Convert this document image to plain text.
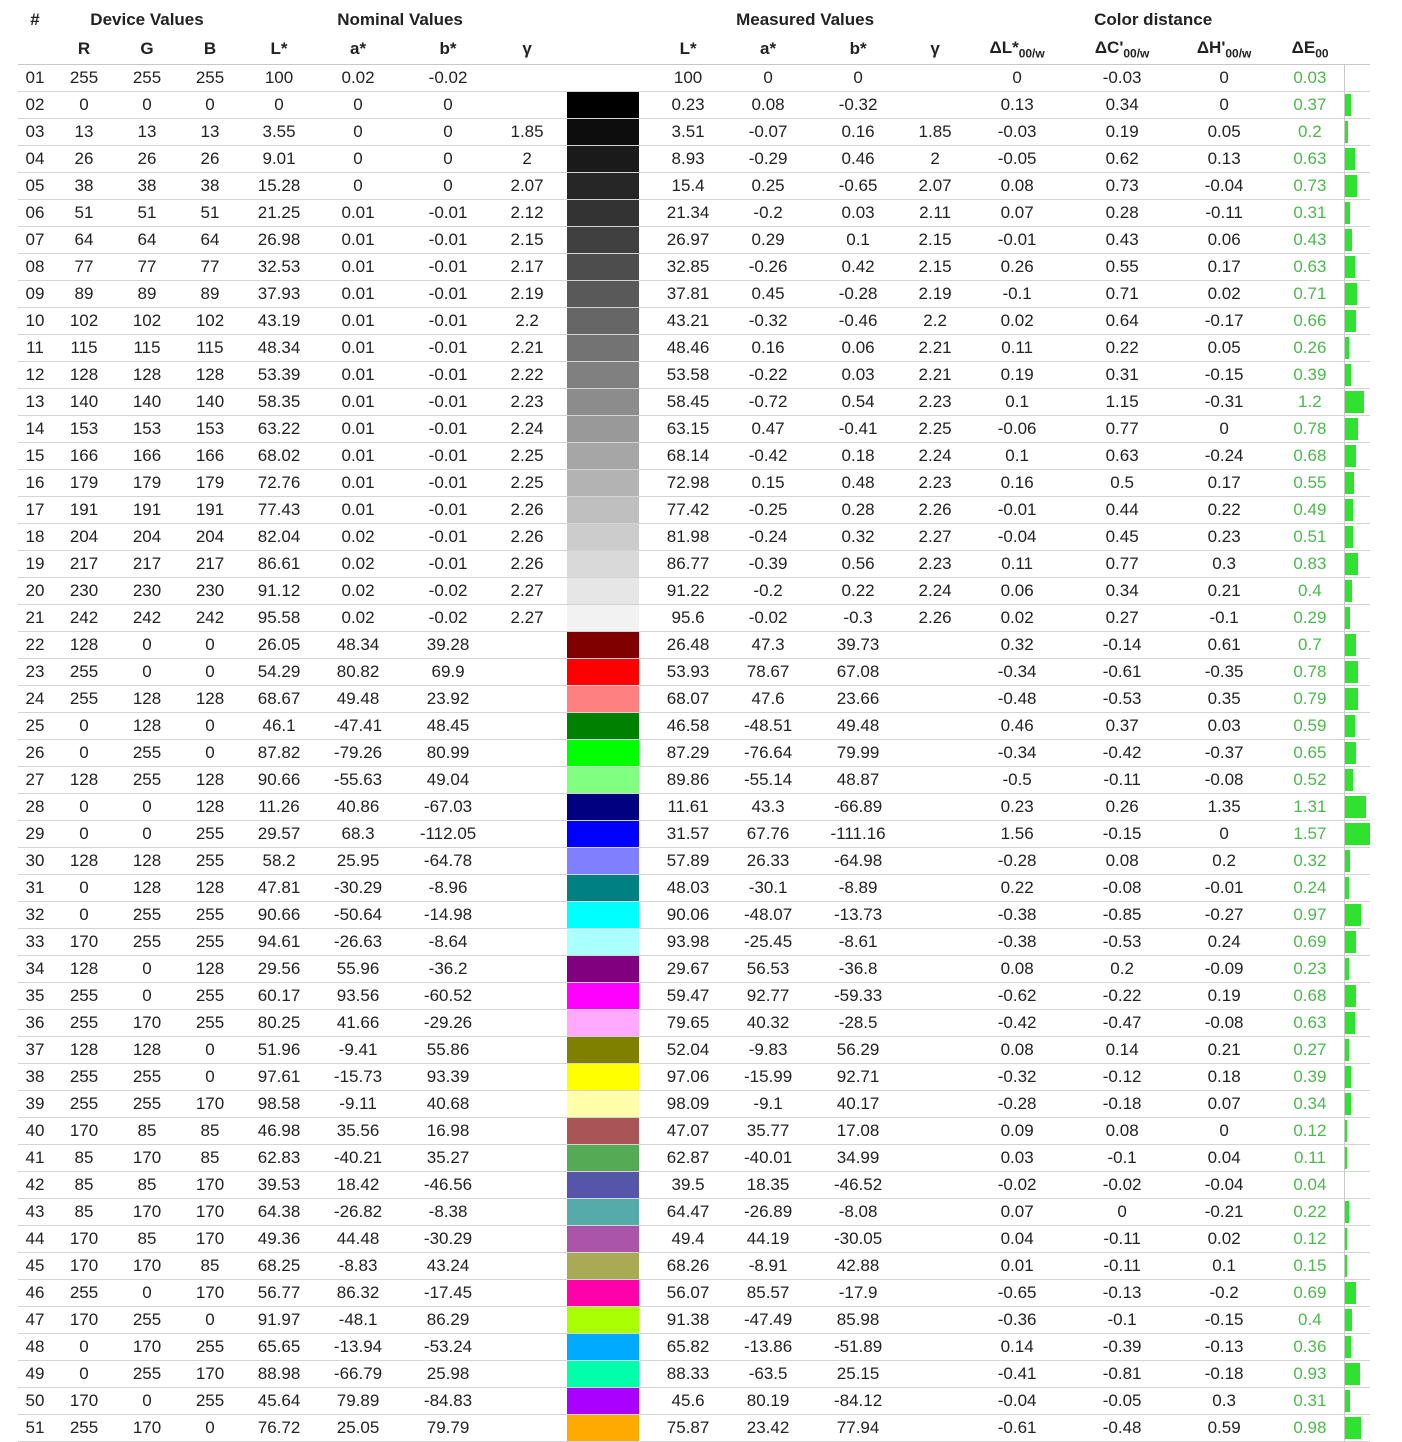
#	Device Values			Nominal Values					Measured Values				Color distance				
	R	G	B	L*	a*	b*	γ		L*	a*	b*	γ	$\Delta L*_{00/w}$	$\Delta C'_{00/w}$	$\Delta H'_{00/w}$	$\Delta E_{00}$	
01	255	255	255	100	0.02	-0.02			100	0	0		0	-0.03	0	0.03	

02	0	0	0	0	0	0			0.23	0.08	-0.32		0.13	0.34	0	0.37	

03	13	13	13	3.55	0	0	1.85		3.51	-0.07	0.16	1.85	-0.03	0.19	0.05	0.2	

04	26	26	26	9.01	0	0	2		8.93	-0.29	0.46	2	-0.05	0.62	0.13	0.63	

05	38	38	38	15.28	0	0	2.07		15.4	0.25	-0.65	2.07	0.08	0.73	-0.04	0.73	

06	51	51	51	21.25	0.01	-0.01	2.12		21.34	-0.2	0.03	2.11	0.07	0.28	-0.11	0.31	

07	64	64	64	26.98	0.01	-0.01	2.15		26.97	0.29	0.1	2.15	-0.01	0.43	0.06	0.43	

08	77	77	77	32.53	0.01	-0.01	2.17		32.85	-0.26	0.42	2.15	0.26	0.55	0.17	0.63	

09	89	89	89	37.93	0.01	-0.01	2.19		37.81	0.45	-0.28	2.19	-0.1	0.71	0.02	0.71	

10	102	102	102	43.19	0.01	-0.01	2.2		43.21	-0.32	-0.46	2.2	0.02	0.64	-0.17	0.66	

11	115	115	115	48.34	0.01	-0.01	2.21		48.46	0.16	0.06	2.21	0.11	0.22	0.05	0.26	

12	128	128	128	53.39	0.01	-0.01	2.22		53.58	-0.22	0.03	2.21	0.19	0.31	-0.15	0.39	

13	140	140	140	58.35	0.01	-0.01	2.23		58.45	-0.72	0.54	2.23	0.1	1.15	-0.31	1.2	

14	153	153	153	63.22	0.01	-0.01	2.24		63.15	0.47	-0.41	2.25	-0.06	0.77	0	0.78	

15	166	166	166	68.02	0.01	-0.01	2.25		68.14	-0.42	0.18	2.24	0.1	0.63	-0.24	0.68	

16	179	179	179	72.76	0.01	-0.01	2.25		72.98	0.15	0.48	2.23	0.16	0.5	0.17	0.55	

17	191	191	191	77.43	0.01	-0.01	2.26		77.42	-0.25	0.28	2.26	-0.01	0.44	0.22	0.49	

18	204	204	204	82.04	0.02	-0.01	2.26		81.98	-0.24	0.32	2.27	-0.04	0.45	0.23	0.51	

19	217	217	217	86.61	0.02	-0.01	2.26		86.77	-0.39	0.56	2.23	0.11	0.77	0.3	0.83	

20	230	230	230	91.12	0.02	-0.02	2.27		91.22	-0.2	0.22	2.24	0.06	0.34	0.21	0.4	

21	242	242	242	95.58	0.02	-0.02	2.27		95.6	-0.02	-0.3	2.26	0.02	0.27	-0.1	0.29	

22	128	0	0	26.05	48.34	39.28			26.48	47.3	39.73		0.32	-0.14	0.61	0.7	

23	255	0	0	54.29	80.82	69.9			53.93	78.67	67.08		-0.34	-0.61	-0.35	0.78	

24	255	128	128	68.67	49.48	23.92			68.07	47.6	23.66		-0.48	-0.53	0.35	0.79	

25	0	128	0	46.1	-47.41	48.45			46.58	-48.51	49.48		0.46	0.37	0.03	0.59	

26	0	255	0	87.82	-79.26	80.99			87.29	-76.64	79.99		-0.34	-0.42	-0.37	0.65	

27	128	255	128	90.66	-55.63	49.04			89.86	-55.14	48.87		-0.5	-0.11	-0.08	0.52	

28	0	0	128	11.26	40.86	-67.03			11.61	43.3	-66.89		0.23	0.26	1.35	1.31	

29	0	0	255	29.57	68.3	-112.05			31.57	67.76	-111.16		1.56	-0.15	0	1.57	

30	128	128	255	58.2	25.95	-64.78			57.89	26.33	-64.98		-0.28	0.08	0.2	0.32	

31	0	128	128	47.81	-30.29	-8.96			48.03	-30.1	-8.89		0.22	-0.08	-0.01	0.24	

32	0	255	255	90.66	-50.64	-14.98			90.06	-48.07	-13.73		-0.38	-0.85	-0.27	0.97	

33	170	255	255	94.61	-26.63	-8.64			93.98	-25.45	-8.61		-0.38	-0.53	0.24	0.69	

34	128	0	128	29.56	55.96	-36.2			29.67	56.53	-36.8		0.08	0.2	-0.09	0.23	

35	255	0	255	60.17	93.56	-60.52			59.47	92.77	-59.33		-0.62	-0.22	0.19	0.68	

36	255	170	255	80.25	41.66	-29.26			79.65	40.32	-28.5		-0.42	-0.47	-0.08	0.63	

37	128	128	0	51.96	-9.41	55.86			52.04	-9.83	56.29		0.08	0.14	0.21	0.27	

38	255	255	0	97.61	-15.73	93.39			97.06	-15.99	92.71		-0.32	-0.12	0.18	0.39	

39	255	255	170	98.58	-9.11	40.68			98.09	-9.1	40.17		-0.28	-0.18	0.07	0.34	

40	170	85	85	46.98	35.56	16.98			47.07	35.77	17.08		0.09	0.08	0	0.12	

41	85	170	85	62.83	-40.21	35.27			62.87	-40.01	34.99		0.03	-0.1	0.04	0.11	

42	85	85	170	39.53	18.42	-46.56			39.5	18.35	-46.52		-0.02	-0.02	-0.04	0.04	

43	85	170	170	64.38	-26.82	-8.38			64.47	-26.89	-8.08		0.07	0	-0.21	0.22	

44	170	85	170	49.36	44.48	-30.29			49.4	44.19	-30.05		0.04	-0.11	0.02	0.12	

45	170	170	85	68.25	-8.83	43.24			68.26	-8.91	42.88		0.01	-0.11	0.1	0.15	

46	255	0	170	56.77	86.32	-17.45			56.07	85.57	-17.9		-0.65	-0.13	-0.2	0.69	

47	170	255	0	91.97	-48.1	86.29			91.38	-47.49	85.98		-0.36	-0.1	-0.15	0.4	

48	0	170	255	65.65	-13.94	-53.24			65.82	-13.86	-51.89		0.14	-0.39	-0.13	0.36	

49	0	255	170	88.98	-66.79	25.98			88.33	-63.5	25.15		-0.41	-0.81	-0.18	0.93	

50	170	0	255	45.64	79.89	-84.83			45.6	80.19	-84.12		-0.04	-0.05	0.3	0.31	

51	255	170	0	76.72	25.05	79.79			75.87	23.42	77.94		-0.61	-0.48	0.59	0.98	
